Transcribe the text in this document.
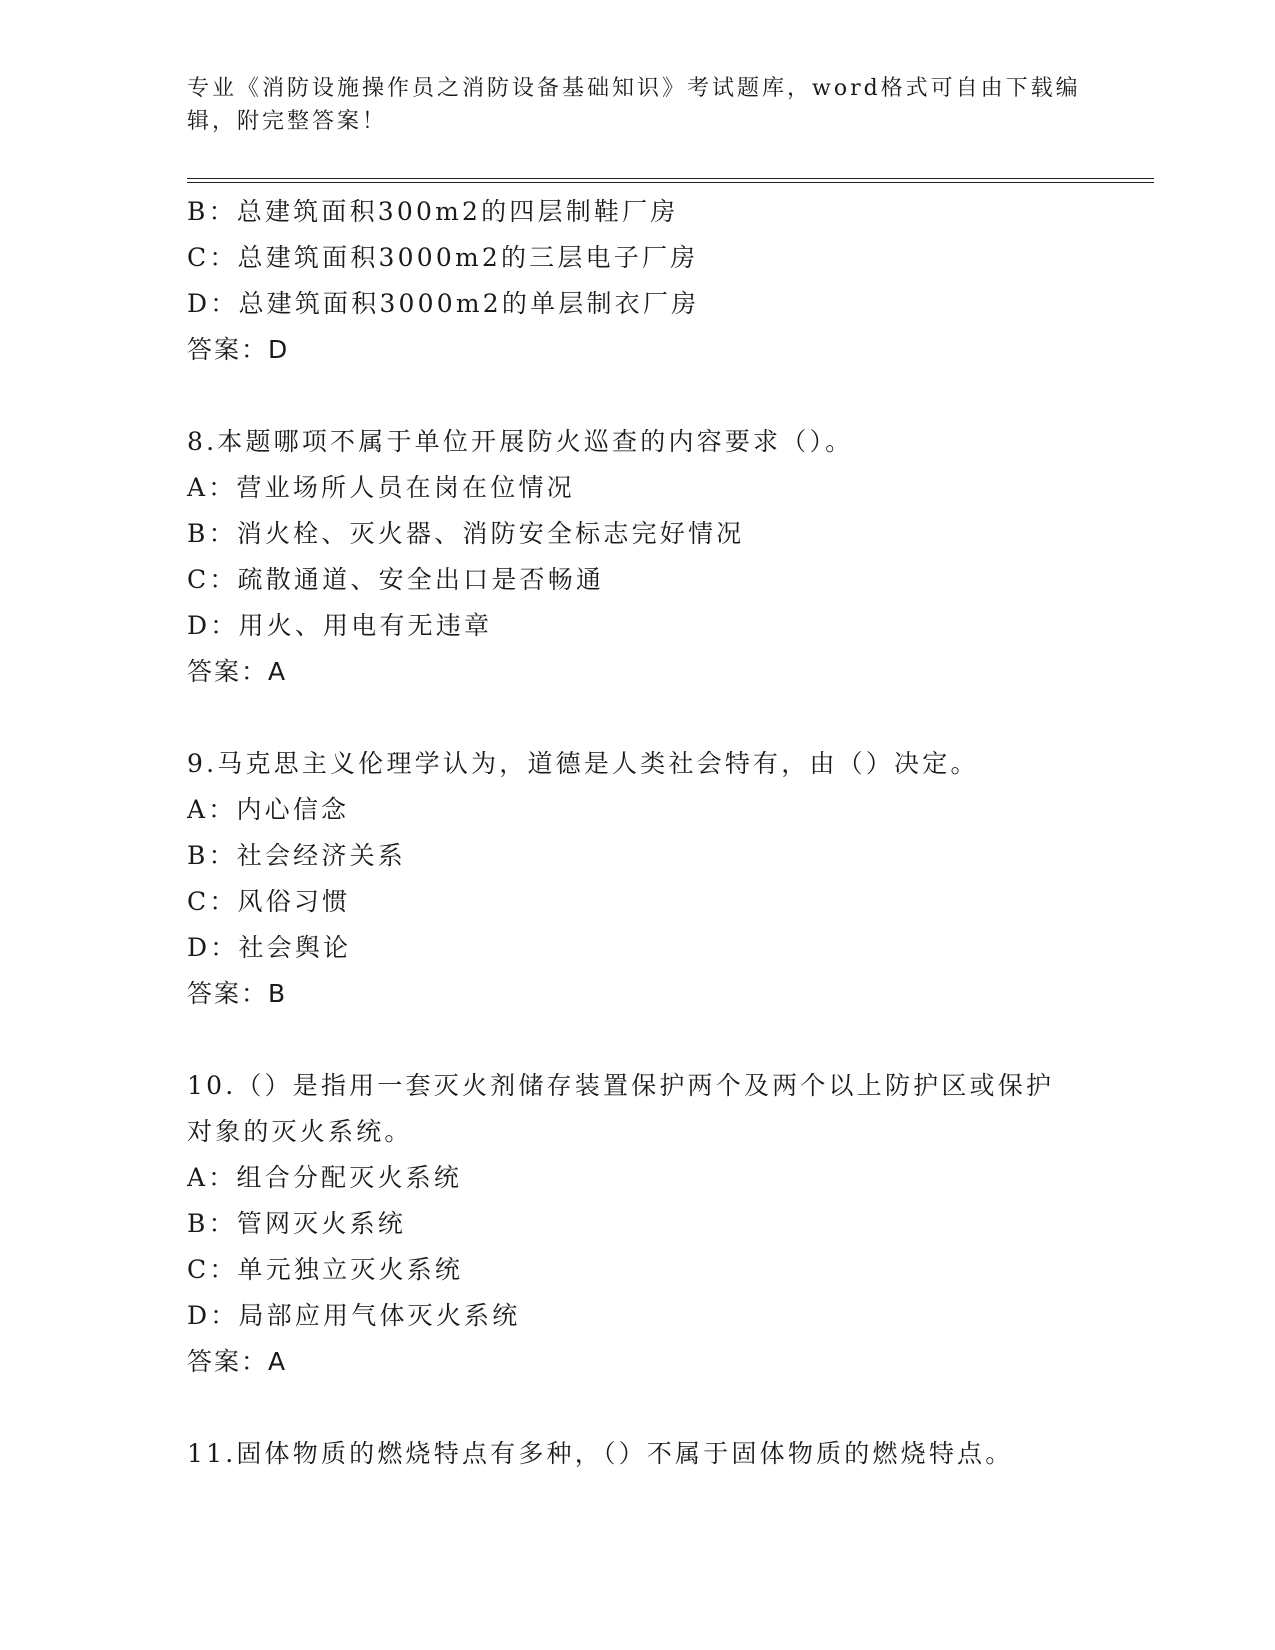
专业《消防设施操作员之消防设备基础知识》考试题库，word格式可自由下载编
辑，附完整答案！
B：总建筑面积300m2的四层制鞋厂房
C：总建筑面积3000m2的三层电子厂房
D：总建筑面积3000m2的单层制衣厂房
答案：D
8.本题哪项不属于单位开展防火巡查的内容要求（）。
A：营业场所人员在岗在位情况
B：消火栓、灭火器、消防安全标志完好情况
C：疏散通道、安全出口是否畅通
D：用火、用电有无违章
答案：A
9.马克思主义伦理学认为，道德是人类社会特有，由（）决定。
A：内心信念
B：社会经济关系
C：风俗习惯
D：社会舆论
答案：B
10.（）是指用一套灭火剂储存装置保护两个及两个以上防护区或保护
对象的灭火系统。
A：组合分配灭火系统
B：管网灭火系统
C：单元独立灭火系统
D：局部应用气体灭火系统
答案：A
11.固体物质的燃烧特点有多种，（）不属于固体物质的燃烧特点。
